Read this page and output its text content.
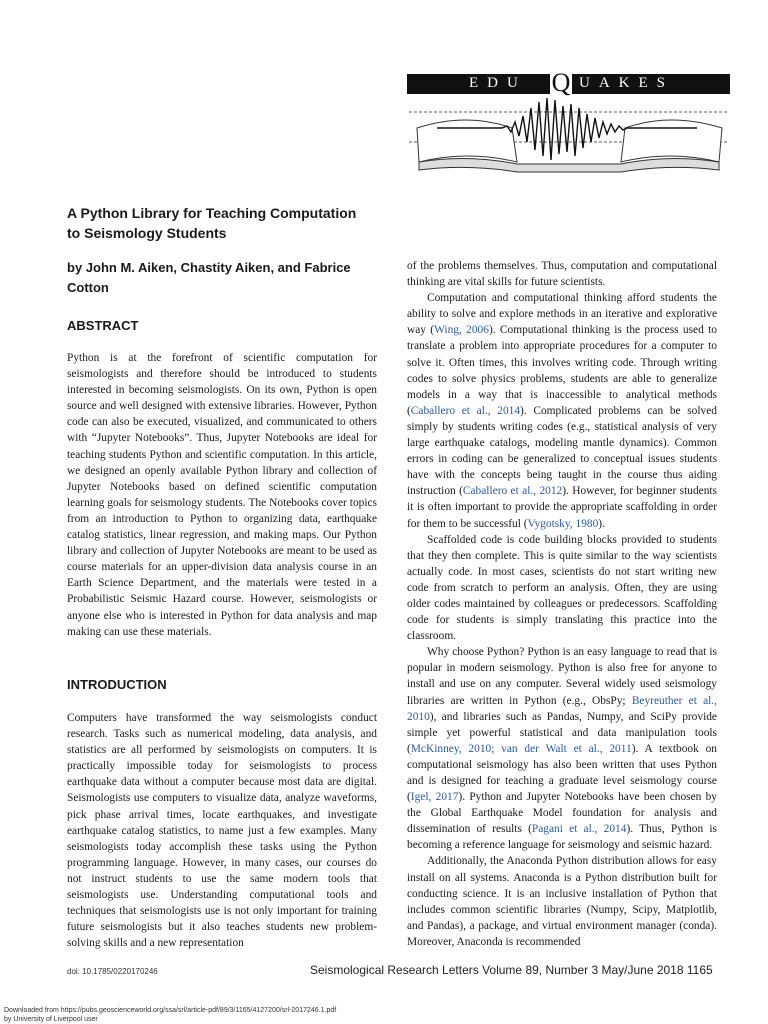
EDU Q UAKES
A Python Library for Teaching Computation to Seismology Students
by John M. Aiken, Chastity Aiken, and Fabrice Cotton
ABSTRACT

Python is at the forefront of scientific computation for seismologists and therefore should be introduced to students interested in becoming seismologists. On its own, Python is open source and well designed with extensive libraries. However, Python code can also be executed, visualized, and communicated to others with “Jupyter Notebooks”. Thus, Jupyter Notebooks are ideal for teaching students Python and scientific computation. In this article, we designed an openly available Python library and collection of Jupyter Notebooks based on defined scientific computation learning goals for seismology students. The Notebooks cover topics from an introduction to Python to organizing data, earthquake catalog statistics, linear regression, and making maps. Our Python library and collection of Jupyter Notebooks are meant to be used as course materials for an upper-division data analysis course in an Earth Science Department, and the materials were tested in a Probabilistic Seismic Hazard course. However, seismologists or anyone else who is interested in Python for data analysis and map making can use these materials.

INTRODUCTION

Computers have transformed the way seismologists conduct research. Tasks such as numerical modeling, data analysis, and statistics are all performed by seismologists on computers. It is practically impossible today for seismologists to process earthquake data without a computer because most data are digital. Seismologists use computers to visualize data, analyze waveforms, pick phase arrival times, locate earthquakes, and investigate earthquake catalog statistics, to name just a few examples. Many seismologists today accomplish these tasks using the Python programming language. However, in many cases, our courses do not instruct students to use the same modern tools that seismologists use. Understanding computational tools and techniques that seismologists use is not only important for training future seismologists but it also teaches students new problem-solving skills and a new representation

of the problems themselves. Thus, computation and computational thinking are vital skills for future scientists.

Computation and computational thinking afford students the ability to solve and explore methods in an iterative and explorative way (Wing, 2006). Computational thinking is the process used to translate a problem into appropriate procedures for a computer to solve it. Often times, this involves writing code. Through writing codes to solve physics problems, students are able to generalize models in a way that is inaccessible to analytical methods (Caballero et al., 2014). Complicated problems can be solved simply by students writing codes (e.g., statistical analysis of very large earthquake catalogs, modeling mantle dynamics). Common errors in coding can be generalized to conceptual issues students have with the concepts being taught in the course thus aiding instruction (Caballero et al., 2012). However, for beginner students it is often important to provide the appropriate scaffolding in order for them to be successful (Vygotsky, 1980).

Scaffolded code is code building blocks provided to students that they then complete. This is quite similar to the way scientists actually code. In most cases, scientists do not start writing new code from scratch to perform an analysis. Often, they are using older codes maintained by colleagues or predecessors. Scaffolding code for students is simply translating this practice into the classroom.

Why choose Python? Python is an easy language to read that is popular in modern seismology. Python is also free for anyone to install and use on any computer. Several widely used seismology libraries are written in Python (e.g., ObsPy; Beyreuther et al., 2010), and libraries such as Pandas, Numpy, and SciPy provide simple yet powerful statistical and data manipulation tools (McKinney, 2010; van der Walt et al., 2011). A textbook on computational seismology has also been written that uses Python and is designed for teaching a graduate level seismology course (Igel, 2017). Python and Jupyter Notebooks have been chosen by the Global Earthquake Model foundation for analysis and dissemination of results (Pagani et al., 2014). Thus, Python is becoming a reference language for seismology and seismic hazard.

Additionally, the Anaconda Python distribution allows for easy install on all systems. Anaconda is a Python distribution built for conducting science. It is an inclusive installation of Python that includes common scientific libraries (Numpy, Scipy, Matplotlib, and Pandas), a package, and virtual environment manager (conda). Moreover, Anaconda is recommended

doi: 10.1785/0220170246	Seismological Research Letters Volume 89, Number 3 May/June 2018 1165
Downloaded from https://pubs.geoscienceworld.org/ssa/srl/article-pdf/89/3/1165/4127200/srl-2017246.1.pdf
by University of Liverpool user
